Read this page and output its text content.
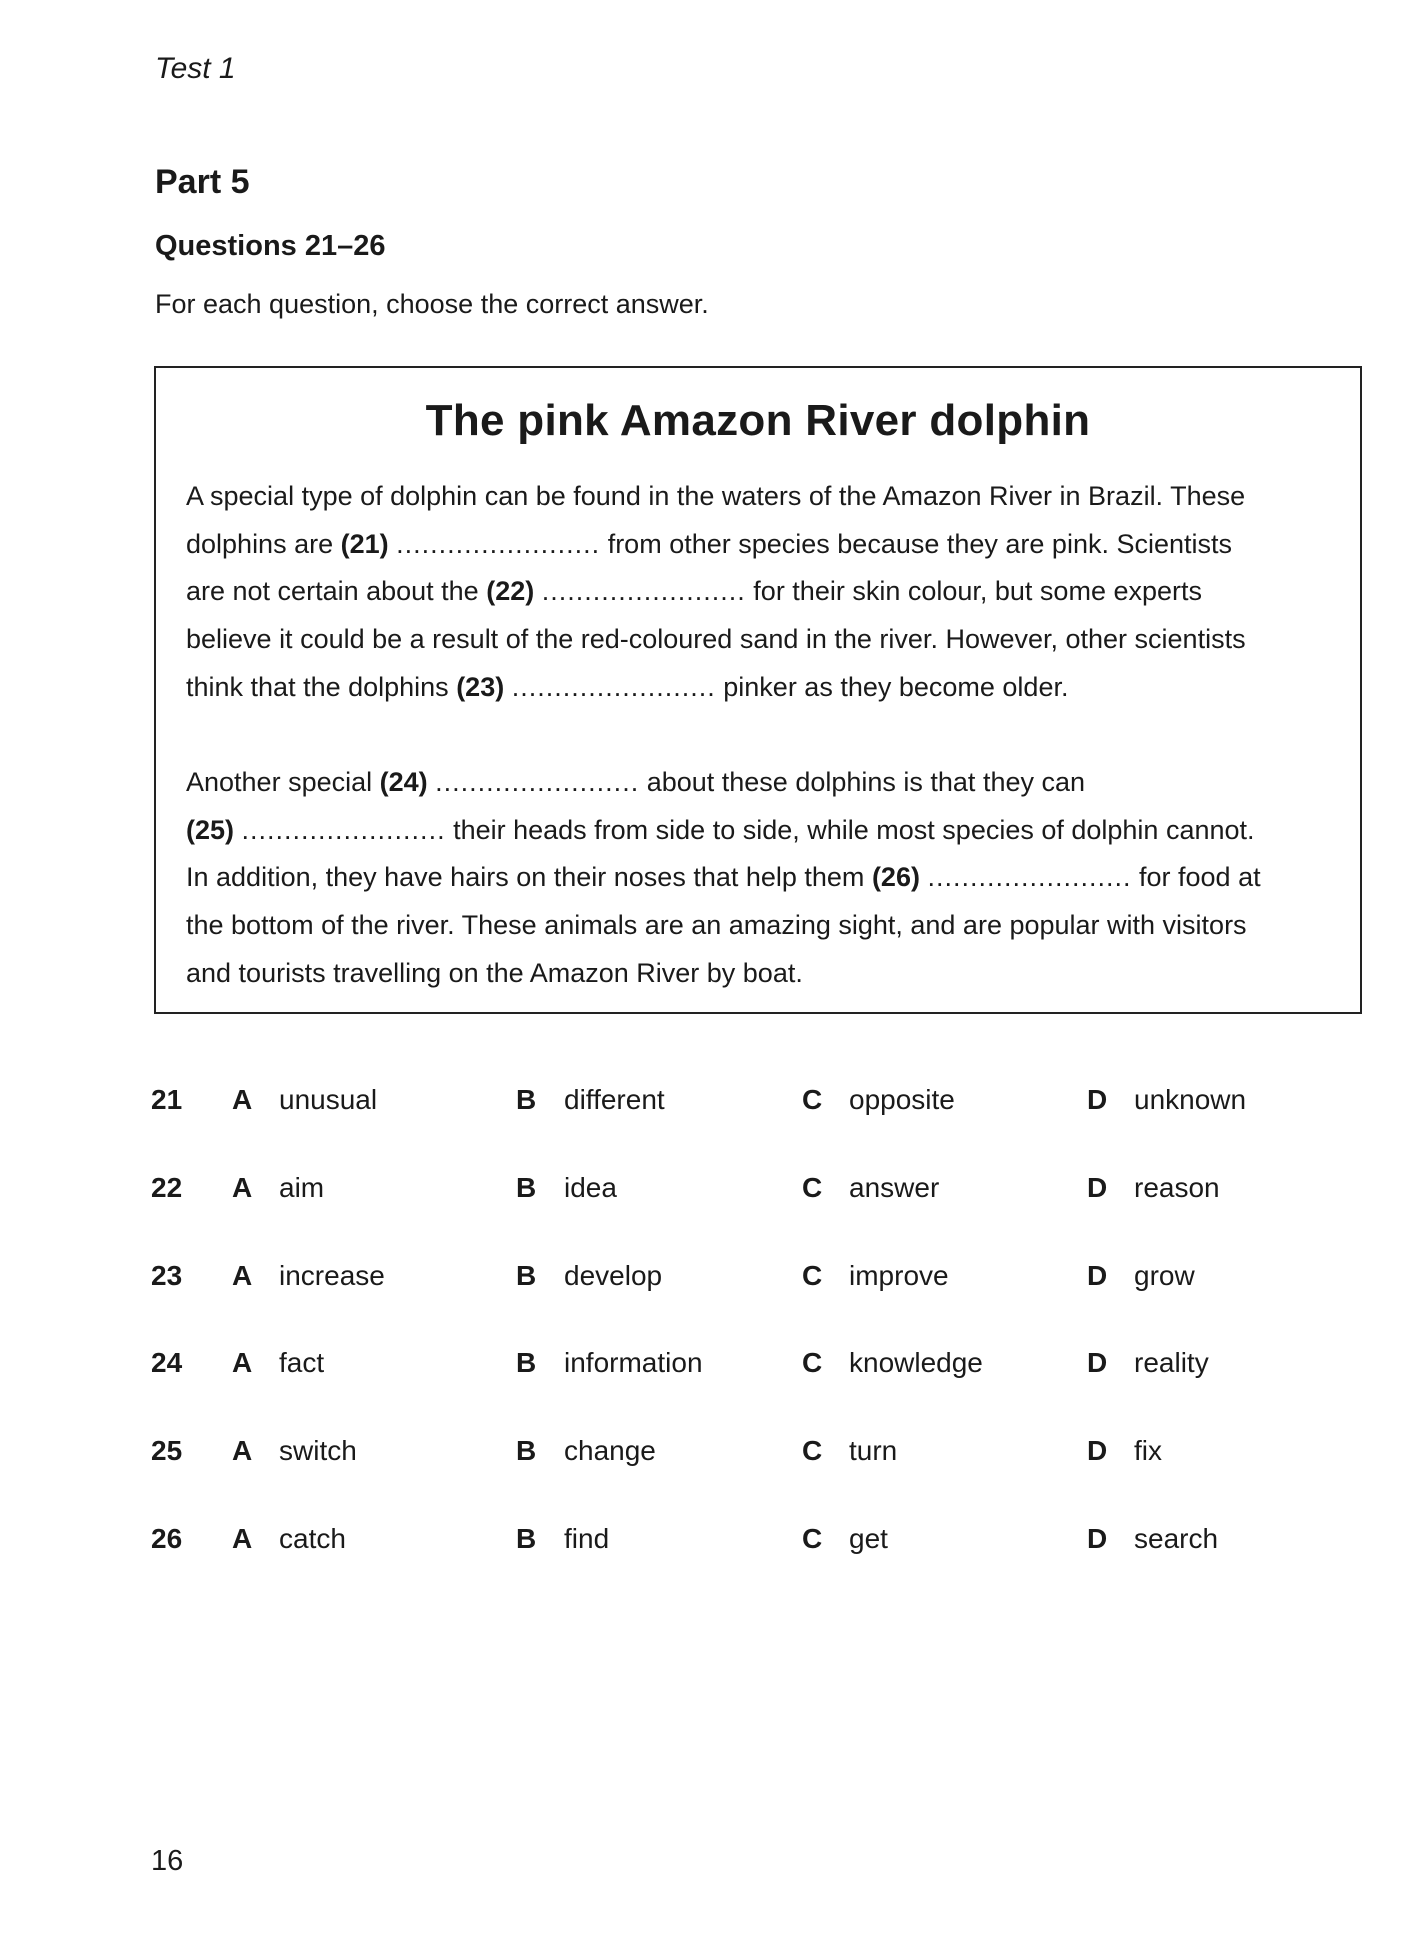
Test 1
Part 5
Questions 21–26
For each question, choose the correct answer.
The pink Amazon River dolphin
A special type of dolphin can be found in the waters of the Amazon River in Brazil. These
dolphins are (21) ........................ from other species because they are pink. Scientists
are not certain about the (22) ........................ for their skin colour, but some experts
believe it could be a result of the red-coloured sand in the river. However, other scientists
think that the dolphins (23) ........................ pinker as they become older.
Another special (24) ........................ about these dolphins is that they can
(25) ........................ their heads from side to side, while most species of dolphin cannot.
In addition, they have hairs on their noses that help them (26) ........................ for food at
the bottom of the river. These animals are an amazing sight, and are popular with visitors
and tourists travelling on the Amazon River by boat.
21 A unusual	B different	C opposite	D unknown
22 A aim	B idea	C answer	D reason
23 A increase	B develop	C improve	D grow
24 A fact	B information	C knowledge	D reality
25 A switch	B change	C turn	D fix
26 A catch	B find	C get	D search
16
